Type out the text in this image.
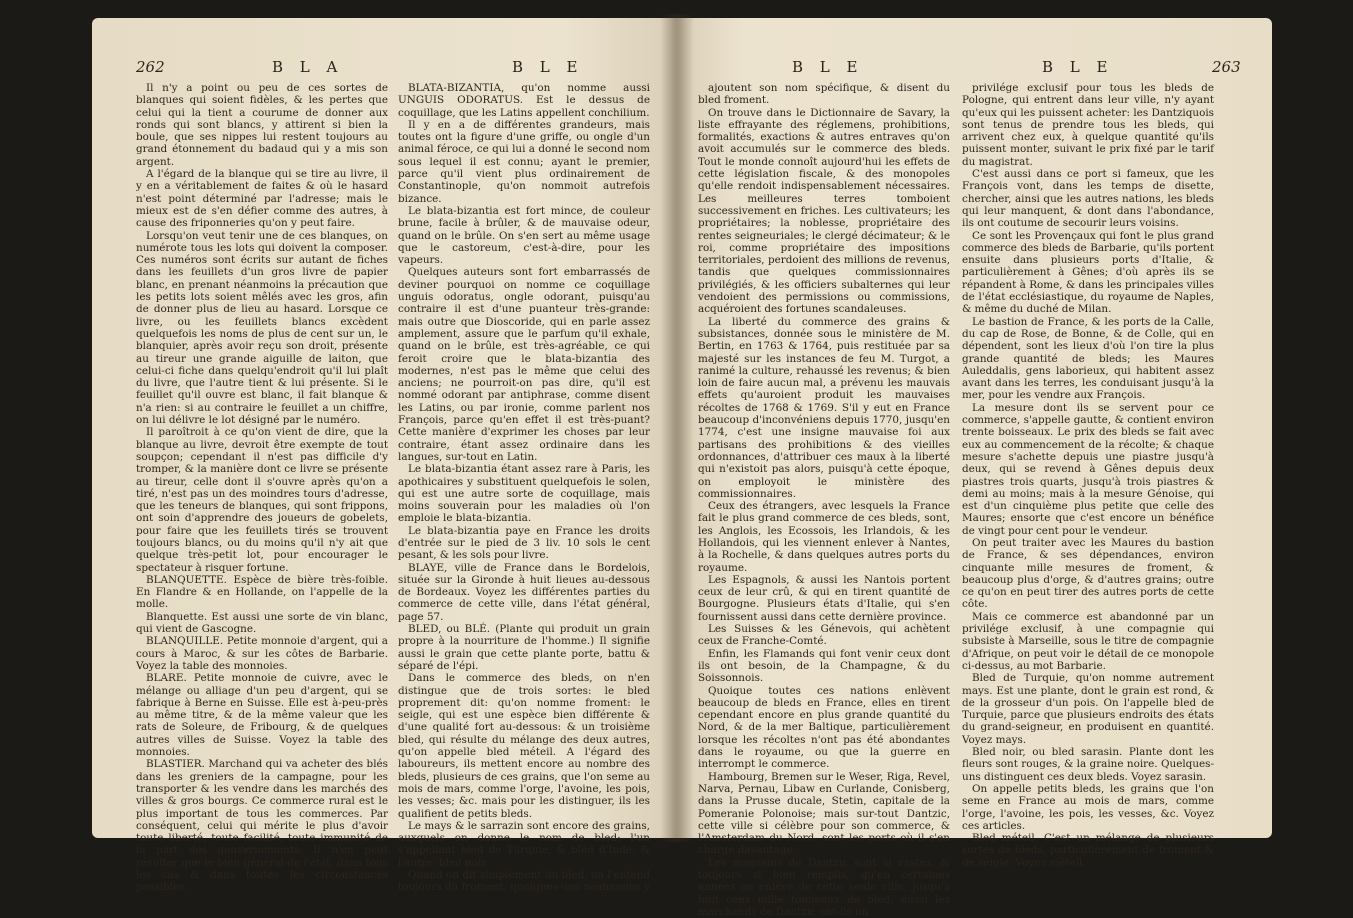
262	B L A	B L E

Il n'y a point ou peu de ces sortes de blanques qui soient fidèles, & les pertes que celui qui la tient a courume de donner aux ronds qui sont blancs, y attirent si bien la boule, que ses nippes lui restent toujours au grand étonnement du badaud qui y a mis son argent.

A l'égard de la blanque qui se tire au livre, il y en a véritablement de faites & où le hasard n'est point déterminé par l'adresse; mais le mieux est de s'en défier comme des autres, à cause des friponneries qu'on y peut faire.

Lorsqu'on veut tenir une de ces blanques, on numérote tous les lots qui doivent la composer. Ces numéros sont écrits sur autant de fiches dans les feuillets d'un gros livre de papier blanc, en prenant néanmoins la précaution que les petits lots soient mêlés avec les gros, afin de donner plus de lieu au hasard. Lorsque ce livre, ou les feuillets blancs excèdent quelquefois les noms de plus de cent sur un, le blanquier, après avoir reçu son droit, présente au tireur une grande aiguille de laiton, que celui-ci fiche dans quelqu'endroit qu'il lui plaît du livre, que l'autre tient & lui présente. Si le feuillet qu'il ouvre est blanc, il fait blanque & n'a rien: si au contraire le feuillet a un chiffre, on lui délivre le lot désigné par le numéro.

Il paroîtroit à ce qu'on vient de dire, que la blanque au livre, devroit être exempte de tout soupçon; cependant il n'est pas difficile d'y tromper, & la manière dont ce livre se présente au tireur, celle dont il s'ouvre après qu'on a tiré, n'est pas un des moindres tours d'adresse, que les teneurs de blanques, qui sont frippons, ont soin d'apprendre des joueurs de gobelets, pour faire que les feuillets tirés se trouvent toujours blancs, ou du moins qu'il n'y ait que quelque très-petit lot, pour encourager le spectateur à risquer fortune.

BLANQUETTE. Espèce de bière très-foible. En Flandre & en Hollande, on l'appelle de la molle.

Blanquette. Est aussi une sorte de vin blanc, qui vient de Gascogne.

BLANQUILLE. Petite monnoie d'argent, qui a cours à Maroc, & sur les côtes de Barbarie. Voyez la table des monnoies.

BLARE. Petite monnoie de cuivre, avec le mélange ou alliage d'un peu d'argent, qui se fabrique à Berne en Suisse. Elle est à-peu-près au même titre, & de la même valeur que les rats de Soleure, de Fribourg, & de quelques autres villes de Suisse. Voyez la table des monnoies.

BLASTIER. Marchand qui va acheter des blés dans les greniers de la campagne, pour les transporter & les vendre dans les marchés des villes & gros bourgs. Ce commerce rural est le plus important de tous les commerces. Par conséquent, celui qui mérite le plus d'avoir toute liberté, toute facilité, toute immunité de la part des gouvernements. Il n'en peut résulter que le bien général de l'état, dans tous les cas & dans toutes les circonstances possibles.

BLATA-BIZANTIA, qu'on nomme aussi UNGUIS ODORATUS. Est le dessus de coquillage, que les Latins appellent conchilium.

Il y en a de différentes grandeurs, mais toutes ont la figure d'une griffe, ou ongle d'un animal féroce, ce qui lui a donné le second nom sous lequel il est connu; ayant le premier, parce qu'il vient plus ordinairement de Constantinople, qu'on nommoit autrefois bizance.

Le blata-bizantia est fort mince, de couleur brune, facile à brûler, & de mauvaise odeur, quand on le brûle. On s'en sert au même usage que le castoreum, c'est-à-dire, pour les vapeurs.

Quelques auteurs sont fort embarrassés de deviner pourquoi on nomme ce coquillage unguis odoratus, ongle odorant, puisqu'au contraire il est d'une puanteur très-grande: mais outre que Dioscoride, qui en parle assez amplement, assure que le parfum qu'il exhale, quand on le brûle, est très-agréable, ce qui feroit croire que le blata-bizantia des modernes, n'est pas le même que celui des anciens; ne pourroit-on pas dire, qu'il est nommé odorant par antiphrase, comme disent les Latins, ou par ironie, comme parlent nos François, parce qu'en effet il est très-puant? Cette manière d'exprimer les choses par leur contraire, étant assez ordinaire dans les langues, sur-tout en Latin.

Le blata-bizantia étant assez rare à Paris, les apothicaires y substituent quelquefois le solen, qui est une autre sorte de coquillage, mais moins souverain pour les maladies où l'on emploie le blata-bizantia.

Le blata-bizantia paye en France les droits d'entrée sur le pied de 3 liv. 10 sols le cent pesant, & les sols pour livre.

BLAYE, ville de France dans le Bordelois, située sur la Gironde à huit lieues au-dessous de Bordeaux. Voyez les différentes parties du commerce de cette ville, dans l'état général, page 57.

BLED, ou BLÉ. (Plante qui produit un grain propre à la nourriture de l'homme.) Il signifie aussi le grain que cette plante porte, battu & séparé de l'épi.

Dans le commerce des bleds, on n'en distingue que de trois sortes: le bled proprement dit: qu'on nomme froment: le seigle, qui est une espèce bien différente & d'une qualité fort au-dessous: & un troisième bled, qui résulte du mélange des deux autres, qu'on appelle bled méteil. A l'égard des laboureurs, ils mettent encore au nombre des bleds, plusieurs de ces grains, que l'on seme au mois de mars, comme l'orge, l'avoine, les pois, les vesses; &c. mais pour les distinguer, ils les qualifient de petits bleds.

Le mays & le sarrazin sont encore des grains, auxquels on donne le nom de bled; l'un s'appellant bled de Turquie, & bled d'Inde; & l'autre, bled noir.

Quand on dit simplement du bled, on l'entend toujours du froment: quelques-uns néanmoins y

B L E	B L E	263

ajoutent son nom spécifique, & disent du bled froment.

On trouve dans le Dictionnaire de Savary, la liste effrayante des réglemens, prohibitions, formalités, exactions & autres entraves qu'on avoit accumulés sur le commerce des bleds. Tout le monde connoît aujourd'hui les effets de cette législation fiscale, & des monopoles qu'elle rendoit indispensablement nécessaires. Les meilleures terres tomboient successivement en friches. Les cultivateurs; les propriétaires; la noblesse, propriétaire des rentes seigneuriales; le clergé décimateur; & le roi, comme propriétaire des impositions territoriales, perdoient des millions de revenus, tandis que quelques commissionnaires privilégiés, & les officiers subalternes qui leur vendoient des permissions ou commissions, acquéroient des fortunes scandaleuses.

La liberté du commerce des grains & subsistances, donnée sous le ministère de M. Bertin, en 1763 & 1764, puis restituée par sa majesté sur les instances de feu M. Turgot, a ranimé la culture, rehaussé les revenus; & bien loin de faire aucun mal, a prévenu les mauvais effets qu'auroient produit les mauvaises récoltes de 1768 & 1769. S'il y eut en France beaucoup d'inconvéniens depuis 1770, jusqu'en 1774, c'est une insigne mauvaise foi aux partisans des prohibitions & des vieilles ordonnances, d'attribuer ces maux à la liberté qui n'existoit pas alors, puisqu'à cette époque, on employoit le ministère des commissionnaires.

Ceux des étrangers, avec lesquels la France fait le plus grand commerce de ces bleds, sont, les Anglois, les Ecossois, les Irlandois, & les Hollandois, qui les viennent enlever à Nantes, à la Rochelle, & dans quelques autres ports du royaume.

Les Espagnols, & aussi les Nantois portent ceux de leur crû, & qui en tirent quantité de Bourgogne. Plusieurs états d'Italie, qui s'en fournissent aussi dans cette dernière province.

Les Suisses & les Génevois, qui achètent ceux de Franche-Comté.

Enfin, les Flamands qui font venir ceux dont ils ont besoin, de la Champagne, & du Soissonnois.

Quoique toutes ces nations enlèvent beaucoup de bleds en France, elles en tirent cependant encore en plus grande quantité du Nord, & de la mer Baltique, particulièrement lorsque les récoltes n'ont pas été abondantes dans le royaume, ou que la guerre en interrompt le commerce.

Hambourg, Bremen sur le Weser, Riga, Revel, Narva, Pernau, Libaw en Curlande, Conisberg, dans la Prusse ducale, Stetin, capitale de la Pomeranie Polonoise; mais sur-tout Dantzic, cette ville si célèbre pour son commerce, & l'Amsterdam du Nord, sont les ports où il s'en charge davantage.

Les magasins de Dantzic sont si vastes, & toujours si bien remplis, qu'en certaines années on enlève de cette seule ville, jusqu'à huit cens mille tonneaux de bled: aussi les marchands de Dantzic ont-ils un

privilége exclusif pour tous les bleds de Pologne, qui entrent dans leur ville, n'y ayant qu'eux qui les puissent acheter: les Dantziquois sont tenus de prendre tous les bleds, qui arrivent chez eux, à quelque quantité qu'ils puissent monter, suivant le prix fixé par le tarif du magistrat.

C'est aussi dans ce port si fameux, que les François vont, dans les temps de disette, chercher, ainsi que les autres nations, les bleds qui leur manquent, & dont dans l'abondance, ils ont coutume de secourir leurs voisins.

Ce sont les Provençaux qui font le plus grand commerce des bleds de Barbarie, qu'ils portent ensuite dans plusieurs ports d'Italie, & particulièrement à Gênes; d'où après ils se répandent à Rome, & dans les principales villes de l'état ecclésiastique, du royaume de Naples, & même du duché de Milan.

Le bastion de France, & les ports de la Calle, du cap de Rose, de Bonne, & de Colle, qui en dépendent, sont les lieux d'où l'on tire la plus grande quantité de bleds; les Maures Auleddalis, gens laborieux, qui habitent assez avant dans les terres, les conduisant jusqu'à la mer, pour les vendre aux François.

La mesure dont ils se servent pour ce commerce, s'appelle gautte, & contient environ trente boisseaux. Le prix des bleds se fait avec eux au commencement de la récolte; & chaque mesure s'achette depuis une piastre jusqu'à deux, qui se revend à Gênes depuis deux piastres trois quarts, jusqu'à trois piastres & demi au moins; mais à la mesure Génoise, qui est d'un cinquième plus petite que celle des Maures; ensorte que c'est encore un bénéfice de vingt pour cent pour le vendeur.

On peut traiter avec les Maures du bastion de France, & ses dépendances, environ cinquante mille mesures de froment, & beaucoup plus d'orge, & d'autres grains; outre ce qu'on en peut tirer des autres ports de cette côte.

Mais ce commerce est abandonné par un privilége exclusif, à une compagnie qui subsiste à Marseille, sous le titre de compagnie d'Afrique, on peut voir le détail de ce monopole ci-dessus, au mot Barbarie.

Bled de Turquie, qu'on nomme autrement mays. Est une plante, dont le grain est rond, & de la grosseur d'un pois. On l'appelle bled de Turquie, parce que plusieurs endroits des états du grand-seigneur, en produisent en quantité. Voyez mays.

Bled noir, ou bled sarasin. Plante dont les fleurs sont rouges, & la graine noire. Quelques-uns distinguent ces deux bleds. Voyez sarasin.

On appelle petits bleds, les grains que l'on seme en France au mois de mars, comme l'orge, l'avoine, les pois, les vesses, &c. Voyez ces articles.

Bled méteil. C'est un mélange de plusieurs sortes de bleds, particulièrement de froment & de seigle. Voyez méteil.
